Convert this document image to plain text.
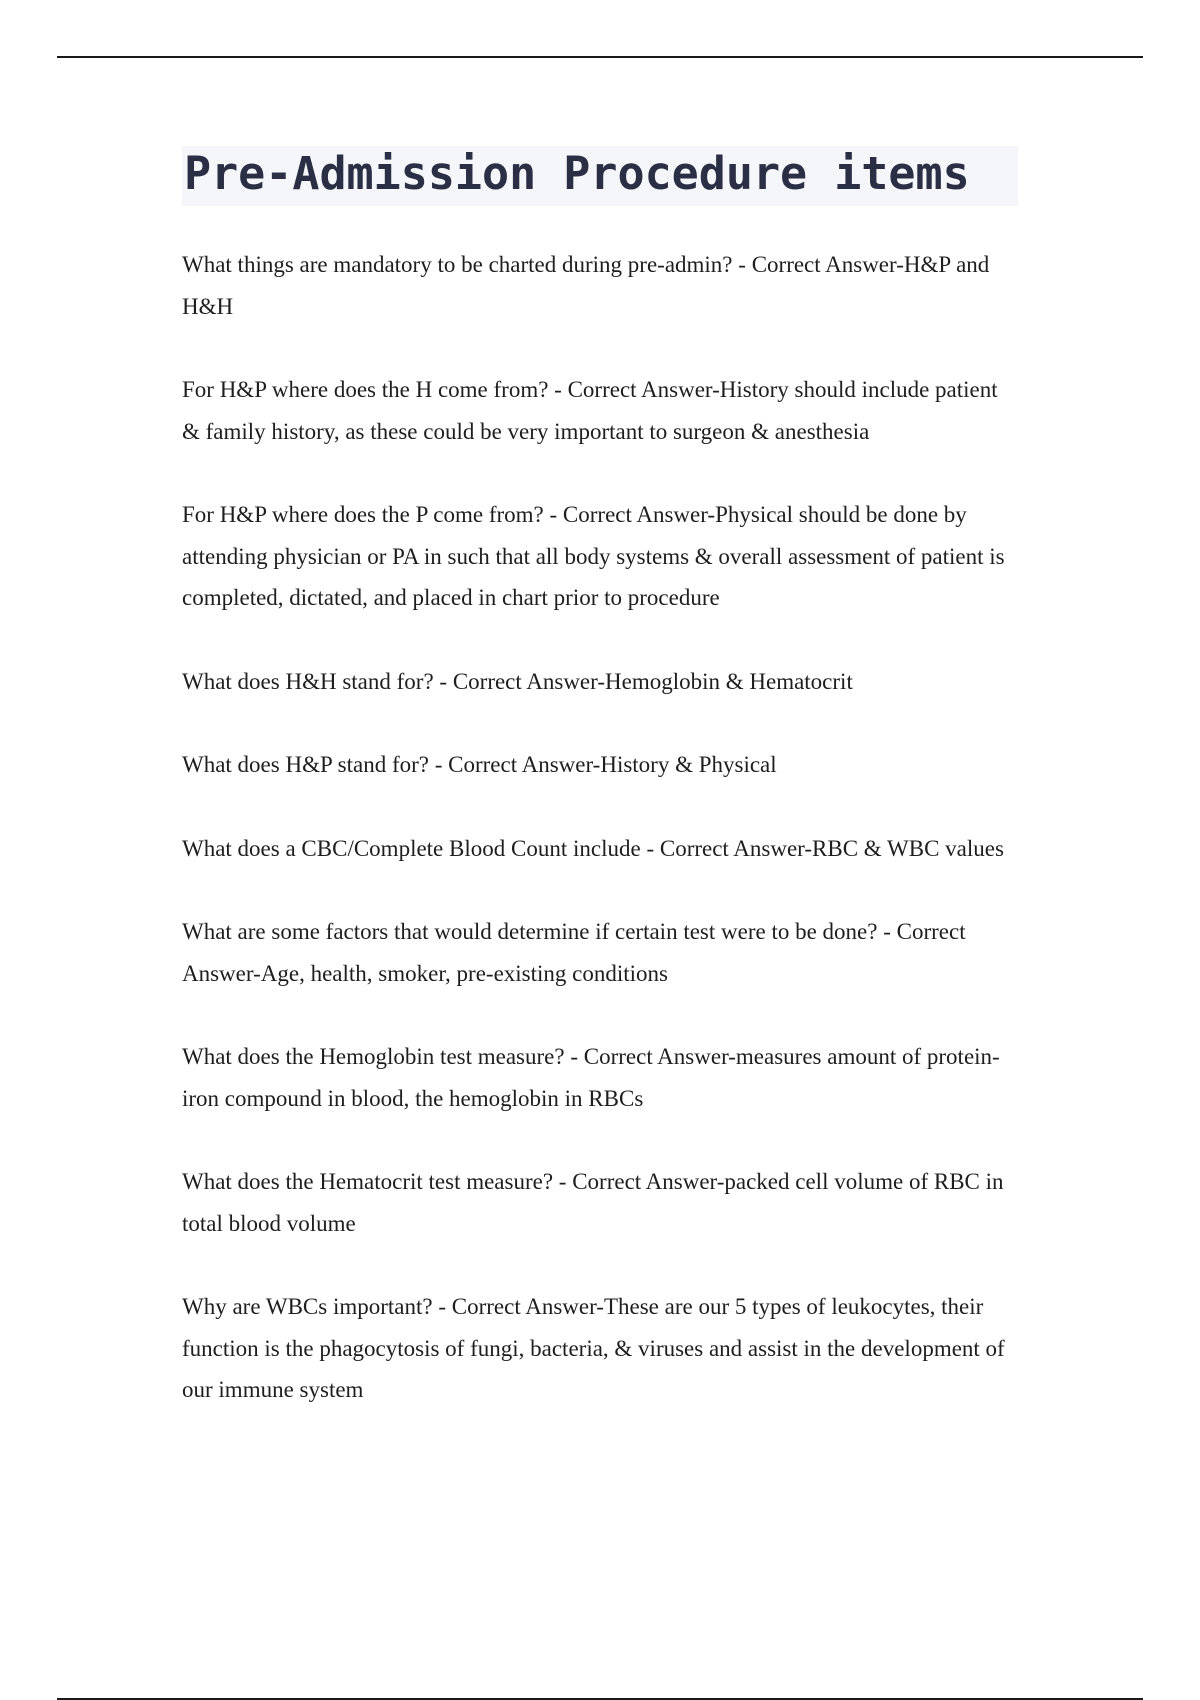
Pre-Admission Procedure items

What things are mandatory to be charted during pre-admin? - Correct Answer-H&P and H&H

For H&P where does the H come from? - Correct Answer-History should include patient & family history, as these could be very important to surgeon & anesthesia

For H&P where does the P come from? - Correct Answer-Physical should be done by attending physician or PA in such that all body systems & overall assessment of patient is completed, dictated, and placed in chart prior to procedure

What does H&H stand for? - Correct Answer-Hemoglobin & Hematocrit

What does H&P stand for? - Correct Answer-History & Physical

What does a CBC/Complete Blood Count include - Correct Answer-RBC & WBC values

What are some factors that would determine if certain test were to be done? - Correct Answer-Age, health, smoker, pre-existing conditions

What does the Hemoglobin test measure? - Correct Answer-measures amount of protein-iron compound in blood, the hemoglobin in RBCs

What does the Hematocrit test measure? - Correct Answer-packed cell volume of RBC in total blood volume

Why are WBCs important? - Correct Answer-These are our 5 types of leukocytes, their function is the phagocytosis of fungi, bacteria, & viruses and assist in the development of our immune system
